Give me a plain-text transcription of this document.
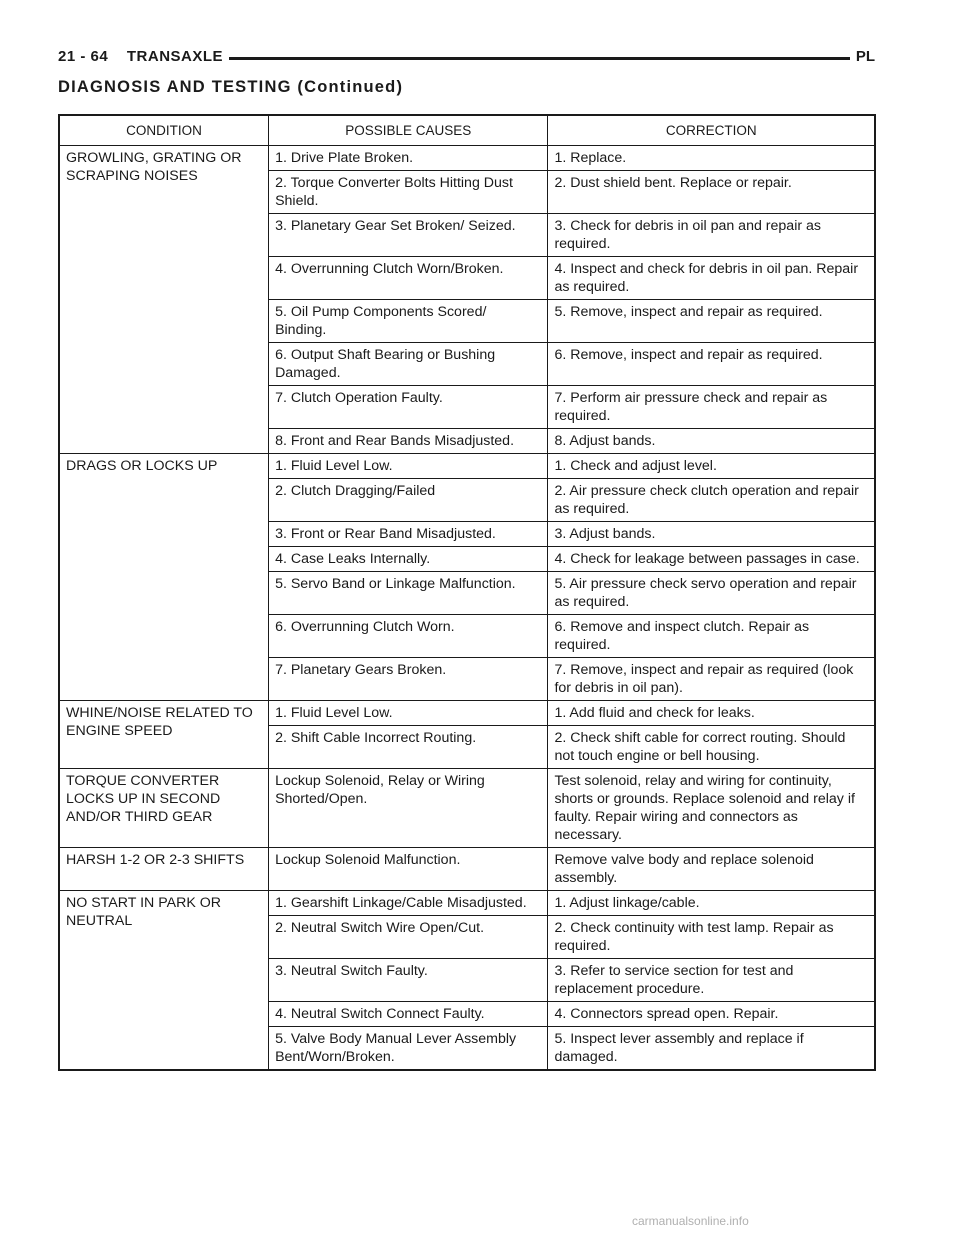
21 - 64 TRANSAXLE	PL
DIAGNOSIS AND TESTING (Continued)
CONDITION	POSSIBLE CAUSES	CORRECTION
GROWLING, GRATING OR SCRAPING NOISES	1. Drive Plate Broken.	1. Replace.
	2. Torque Converter Bolts Hitting Dust Shield.	2. Dust shield bent. Replace or repair.
	3. Planetary Gear Set Broken/ Seized.	3. Check for debris in oil pan and repair as required.
	4. Overrunning Clutch Worn/Broken.	4. Inspect and check for debris in oil pan. Repair as required.
	5. Oil Pump Components Scored/ Binding.	5. Remove, inspect and repair as required.
	6. Output Shaft Bearing or Bushing Damaged.	6. Remove, inspect and repair as required.
	7. Clutch Operation Faulty.	7. Perform air pressure check and repair as required.
	8. Front and Rear Bands Misadjusted.	8. Adjust bands.
DRAGS OR LOCKS UP	1. Fluid Level Low.	1. Check and adjust level.
	2. Clutch Dragging/Failed	2. Air pressure check clutch operation and repair as required.
	3. Front or Rear Band Misadjusted.	3. Adjust bands.
	4. Case Leaks Internally.	4. Check for leakage between passages in case.
	5. Servo Band or Linkage Malfunction.	5. Air pressure check servo operation and repair as required.
	6. Overrunning Clutch Worn.	6. Remove and inspect clutch. Repair as required.
	7. Planetary Gears Broken.	7. Remove, inspect and repair as required (look for debris in oil pan).
WHINE/NOISE RELATED TO ENGINE SPEED	1. Fluid Level Low.	1. Add fluid and check for leaks.
	2. Shift Cable Incorrect Routing.	2. Check shift cable for correct routing. Should not touch engine or bell housing.
TORQUE CONVERTER LOCKS UP IN SECOND AND/OR THIRD GEAR	Lockup Solenoid, Relay or Wiring Shorted/Open.	Test solenoid, relay and wiring for continuity, shorts or grounds. Replace solenoid and relay if faulty. Repair wiring and connectors as necessary.
HARSH 1-2 OR 2-3 SHIFTS	Lockup Solenoid Malfunction.	Remove valve body and replace solenoid assembly.
NO START IN PARK OR NEUTRAL	1. Gearshift Linkage/Cable Misadjusted.	1. Adjust linkage/cable.
	2. Neutral Switch Wire Open/Cut.	2. Check continuity with test lamp. Repair as required.
	3. Neutral Switch Faulty.	3. Refer to service section for test and replacement procedure.
	4. Neutral Switch Connect Faulty.	4. Connectors spread open. Repair.
	5. Valve Body Manual Lever Assembly Bent/Worn/Broken.	5. Inspect lever assembly and replace if damaged.
carmanualsonline.info
